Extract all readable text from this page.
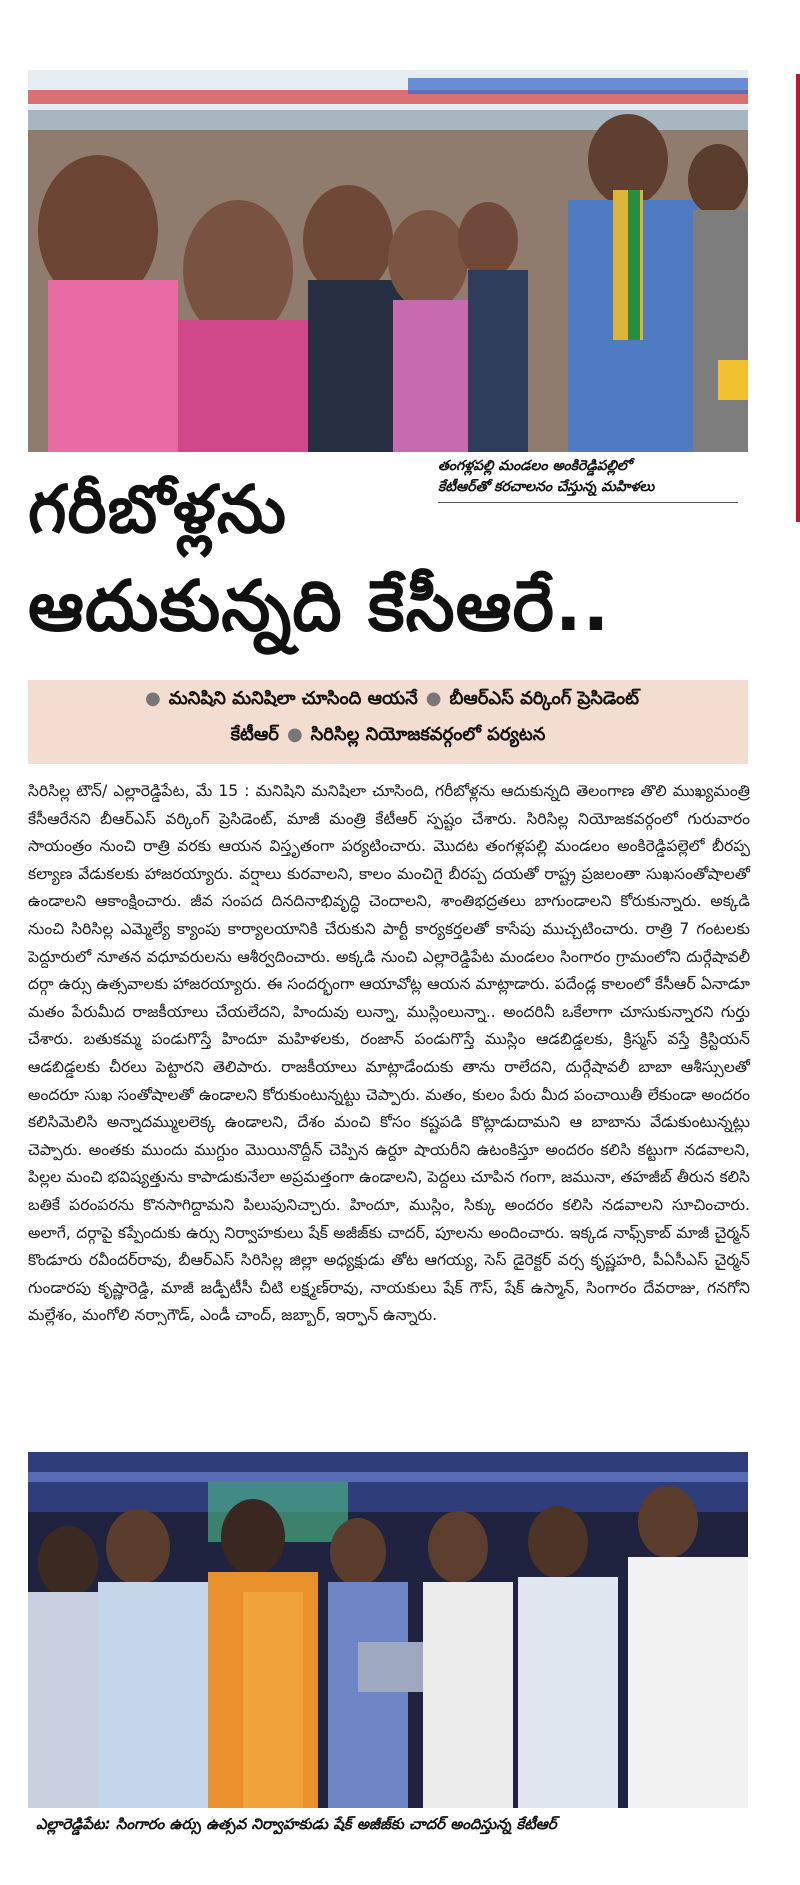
తంగళ్లపల్లి మండలం అంకిరెడ్డిపల్లిలో
కేటీఆర్‌తో కరచాలనం చేస్తున్న మహిళలు
గరీబోళ్లను
ఆదుకున్నది కేసీఆరే..
● మనిషిని మనిషిలా చూసింది ఆయనే ● బీఆర్‌ఎస్‌ వర్కింగ్‌ ప్రెసిడెంట్‌
కేటీఆర్‌ ● సిరిసిల్ల నియోజకవర్గంలో పర్యటన
సిరిసిల్ల టౌన్‌/ ఎల్లారెడ్డిపేట, మే 15 : మనిషిని మనిషిలా చూసింది, గరీబోళ్లను ఆదుకున్నది తెలంగాణ తొలి ముఖ్యమంత్రి కేసీఆరేనని బీఆర్‌ఎస్‌ వర్కింగ్‌ ప్రెసిడెంట్‌, మాజీ మంత్రి కేటీఆర్‌ స్పష్టం చేశారు. సిరిసిల్ల నియోజకవర్గంలో గురువారం సాయంత్రం నుంచి రాత్రి వరకు ఆయన విస్తృతంగా పర్యటించారు. మొదట తంగళ్లపల్లి మండలం అంకిరెడ్డిపల్లెలో బీరప్ప కల్యాణ వేడుకలకు హాజరయ్యారు. వర్షాలు కురవాలని, కాలం మంచిగై బీరప్ప దయతో రాష్ట్ర ప్రజలంతా సుఖసంతోషాలతో ఉండాలని ఆకాంక్షించారు. జీవ సంపద దినదినాభివృద్ధి చెందాలని, శాంతిభద్రతలు బాగుండాలని కోరుకున్నారు. అక్కడి నుంచి సిరిసిల్ల ఎమ్మెల్యే క్యాంపు కార్యాలయానికి చేరుకుని పార్టీ కార్యకర్తలతో కాసేపు ముచ్చటించారు. రాత్రి 7 గంటలకు పెద్దూరులో నూతన వధూవరులను ఆశీర్వదించారు. అక్కడి నుంచి ఎల్లారెడ్డిపేట మండలం సింగారం గ్రామంలోని దుర్గేషావలీ దర్గా ఉర్సు ఉత్సవాలకు హాజరయ్యారు. ఈ సందర్భంగా ఆయావోట్ల ఆయన మాట్లాడారు. పదేండ్ల కాలంలో కేసీఆర్‌ ఏనాడూ మతం పేరుమీద రాజకీయాలు చేయలేదని, హిందువు లున్నా, ముస్లింలున్నా.. అందరినీ ఒకేలాగా చూసుకున్నారని గుర్తు చేశారు. బతుకమ్మ పండుగొస్తే హిందూ మహిళలకు, రంజాన్‌ పండుగొస్తే ముస్లిం ఆడబిడ్డలకు, క్రిస్మస్‌ వస్తే క్రిస్టియన్‌ ఆడబిడ్డలకు చీరలు పెట్టారని తెలిపారు. రాజకీయాలు మాట్లాడేందుకు తాను రాలేదని, దుర్గేషావలీ బాబా ఆశీస్సులతో అందరూ సుఖ సంతోషాలతో ఉండాలని కోరుకుంటున్నట్టు చెప్పారు. మతం, కులం పేరు మీద పంచాయితీ లేకుండా అందరం కలిసిమెలిసి అన్నాదమ్ములలెక్క ఉండాలని, దేశం మంచి కోసం కష్టపడి కొట్లాడుదామని ఆ బాబాను వేడుకుంటున్నట్లు చెప్పారు. అంతకు ముందు ముగ్దుం మొయినొద్దీన్‌ చెప్పిన ఉర్దూ షాయరీని ఉటంకిస్తూ అందరం కలిసి కట్టుగా నడవాలని, పిల్లల మంచి భవిష్యత్తును కాపాడుకునేలా అప్రమత్తంగా ఉండాలని, పెద్దలు చూపిన గంగా, జమునా, తహజీబ్‌ తీరున కలిసి బతికే పరంపరను కొనసాగిద్దామని పిలుపునిచ్చారు. హిందూ, ముస్లిం, సిక్కు అందరం కలిసి నడవాలని సూచించారు. అలాగే, దర్గాపై కప్పేందుకు ఉర్సు నిర్వాహకులు షేక్‌ అజీజ్‌కు చాదర్‌, పూలను అందించారు. ఇక్కడ నాఫ్స్‌కాబ్‌ మాజీ చైర్మన్‌ కొండూరు రవీందర్‌రావు, బీఆర్‌ఎస్‌ సిరిసిల్ల జిల్లా అధ్యక్షుడు తోట ఆగయ్య, సెస్‌ డైరెక్టర్‌ వర్స కృష్ణహరి, పీఏసీఎస్‌ చైర్మన్‌ గుండారపు కృష్ణారెడ్డి, మాజీ జడ్పీటీసీ చీటి లక్ష్మణ్‌రావు, నాయకులు షేక్‌ గౌస్‌, షేక్‌ ఉస్మాన్‌, సింగారం దేవరాజు, గనగోని మల్లేశం, మంగోలి నర్సాగౌడ్‌, ఎండీ చాంద్‌, జబ్బార్‌, ఇర్ఫాన్‌ ఉన్నారు.
ఎల్లారెడ్డిపేట: సింగారం ఉర్సు ఉత్సవ నిర్వాహకుడు షేక్‌ అజీజ్‌కు చాదర్‌ అందిస్తున్న కేటీఆర్‌
